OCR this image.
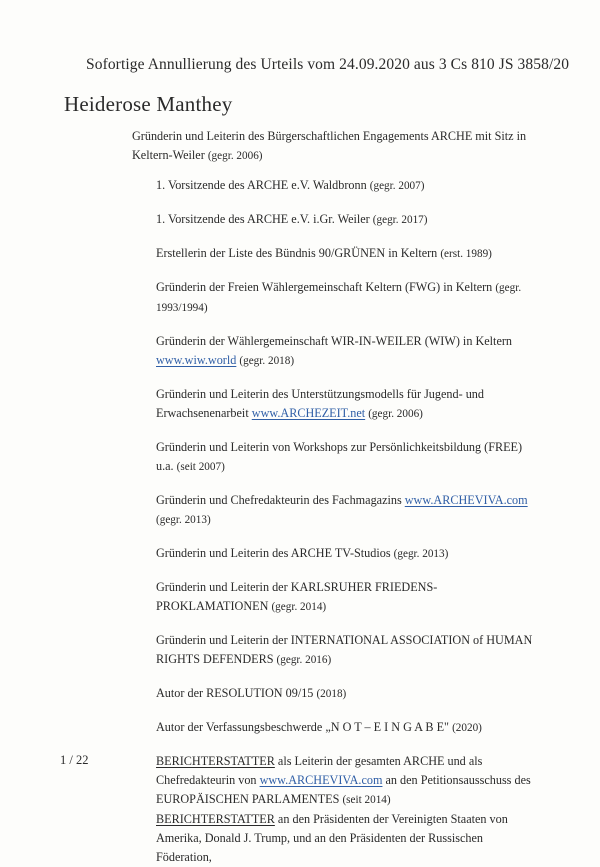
Sofortige Annullierung des Urteils vom 24.09.2020 aus 3 Cs 810 JS 3858/20
Heiderose Manthey
Gründerin und Leiterin des Bürgerschaftlichen Engagements ARCHE mit Sitz in Keltern-Weiler (gegr. 2006)
1. Vorsitzende des ARCHE e.V. Waldbronn (gegr. 2007)
1. Vorsitzende des ARCHE e.V. i.Gr. Weiler (gegr. 2017)
Erstellerin der Liste des Bündnis 90/GRÜNEN in Keltern (erst. 1989)
Gründerin der Freien Wählergemeinschaft Keltern (FWG) in Keltern (gegr. 1993/1994)
Gründerin der Wählergemeinschaft WIR-IN-WEILER (WIW) in Keltern www.wiw.world (gegr. 2018)
Gründerin und Leiterin des Unterstützungsmodells für Jugend- und Erwachsenenarbeit www.ARCHEZEIT.net (gegr. 2006)
Gründerin und Leiterin von Workshops zur Persönlichkeitsbildung (FREE) u.a. (seit 2007)
Gründerin und Chefredakteurin des Fachmagazins www.ARCHEVIVA.com (gegr. 2013)
Gründerin und Leiterin des ARCHE TV-Studios (gegr. 2013)
Gründerin und Leiterin der KARLSRUHER FRIEDENS-PROKLAMATIONEN (gegr. 2014)
Gründerin und Leiterin der INTERNATIONAL ASSOCIATION of HUMAN RIGHTS DEFENDERS (gegr. 2016)
Autor der RESOLUTION 09/15 (2018)
Autor der Verfassungsbeschwerde „N O T – E I N G A B E" (2020)
BERICHTERSTATTER als Leiterin der gesamten ARCHE und als Chefredakteurin von www.ARCHEVIVA.com an den Petitionsausschuss des EUROPÄISCHEN PARLAMENTES (seit 2014)
BERICHTERSTATTER an den Präsidenten der Vereinigten Staaten von Amerika, Donald J. Trump, und an den Präsidenten der Russischen Föderation,
1 / 22
